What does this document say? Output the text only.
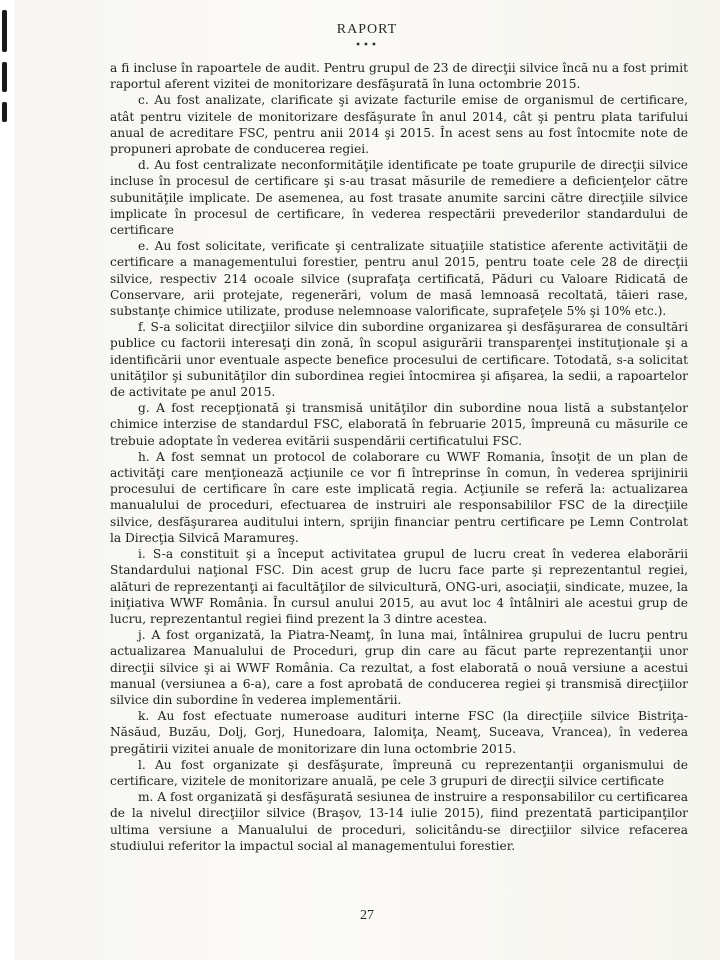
RAPORT
•••

a fi incluse în rapoartele de audit. Pentru grupul de 23 de direcţii silvice încă nu a fost primit raportul aferent vizitei de monitorizare desfăşurată în luna octombrie 2015.

c. Au fost analizate, clarificate şi avizate facturile emise de organismul de certificare, atât pentru vizitele de monitorizare desfăşurate în anul 2014, cât şi pentru plata tarifului anual de acreditare FSC, pentru anii 2014 şi 2015. În acest sens au fost întocmite note de propuneri aprobate de conducerea regiei.

d. Au fost centralizate neconformităţile identificate pe toate grupurile de direcţii silvice incluse în procesul de certificare şi s-au trasat măsurile de remediere a deficienţelor către subunităţile implicate. De asemenea, au fost trasate anumite sarcini către direcţiile silvice implicate în procesul de certificare, în vederea respectării prevederilor standardului de certificare

e. Au fost solicitate, verificate şi centralizate situaţiile statistice aferente activităţii de certificare a managementului forestier, pentru anul 2015, pentru toate cele 28 de direcţii silvice, respectiv 214 ocoale silvice (suprafaţa certificată, Păduri cu Valoare Ridicată de Conservare, arii protejate, regenerări, volum de masă lemnoasă recoltată, tăieri rase, substanţe chimice utilizate, produse nelemnoase valorificate, suprafeţele 5% şi 10% etc.).

f. S-a solicitat direcţiilor silvice din subordine organizarea şi desfăşurarea de consultări publice cu factorii interesaţi din zonă, în scopul asigurării transparenţei instituţionale şi a identificării unor eventuale aspecte benefice procesului de certificare. Totodată, s-a solicitat unităţilor şi subunităţilor din subordinea regiei întocmirea şi afişarea, la sedii, a rapoartelor de activitate pe anul 2015.

g. A fost recepţionată şi transmisă unităţilor din subordine noua listă a substanţelor chimice interzise de standardul FSC, elaborată în februarie 2015, împreună cu măsurile ce trebuie adoptate în vederea evitării suspendării certificatului FSC.

h. A fost semnat un protocol de colaborare cu WWF Romania, însoţit de un plan de activităţi care menţionează acţiunile ce vor fi întreprinse în comun, în vederea sprijinirii procesului de certificare în care este implicată regia. Acţiunile se referă la: actualizarea manualului de proceduri, efectuarea de instruiri ale responsabililor FSC de la direcţiile silvice, desfăşurarea auditului intern, sprijin financiar pentru certificare pe Lemn Controlat la Direcţia Silvică Maramureş.

i. S-a constituit şi a început activitatea grupul de lucru creat în vederea elaborării Standardului naţional FSC. Din acest grup de lucru face parte şi reprezentantul regiei, alături de reprezentanţi ai facultăţilor de silvicultură, ONG-uri, asociaţii, sindicate, muzee, la iniţiativa WWF România. În cursul anului 2015, au avut loc 4 întâlniri ale acestui grup de lucru, reprezentantul regiei fiind prezent la 3 dintre acestea.

j. A fost organizată, la Piatra-Neamţ, în luna mai, întâlnirea grupului de lucru pentru actualizarea Manualului de Proceduri, grup din care au făcut parte reprezentanţii unor direcţii silvice şi ai WWF România. Ca rezultat, a fost elaborată o nouă versiune a acestui manual (versiunea a 6-a), care a fost aprobată de conducerea regiei şi transmisă direcţiilor silvice din subordine în vederea implementării.

k. Au fost efectuate numeroase audituri interne FSC (la direcţiile silvice Bistriţa-Năsăud, Buzău, Dolj, Gorj, Hunedoara, Ialomiţa, Neamţ, Suceava, Vrancea), în vederea pregătirii vizitei anuale de monitorizare din luna octombrie 2015.

l. Au fost organizate şi desfăşurate, împreună cu reprezentanţii organismului de certificare, vizitele de monitorizare anuală, pe cele 3 grupuri de direcţii silvice certificate

m. A fost organizată şi desfăşurată sesiunea de instruire a responsabililor cu certificarea de la nivelul direcţiilor silvice (Braşov, 13-14 iulie 2015), fiind prezentată participanţilor ultima versiune a Manualului de proceduri, solicitându-se direcţiilor silvice refacerea studiului referitor la impactul social al managementului forestier.

27
